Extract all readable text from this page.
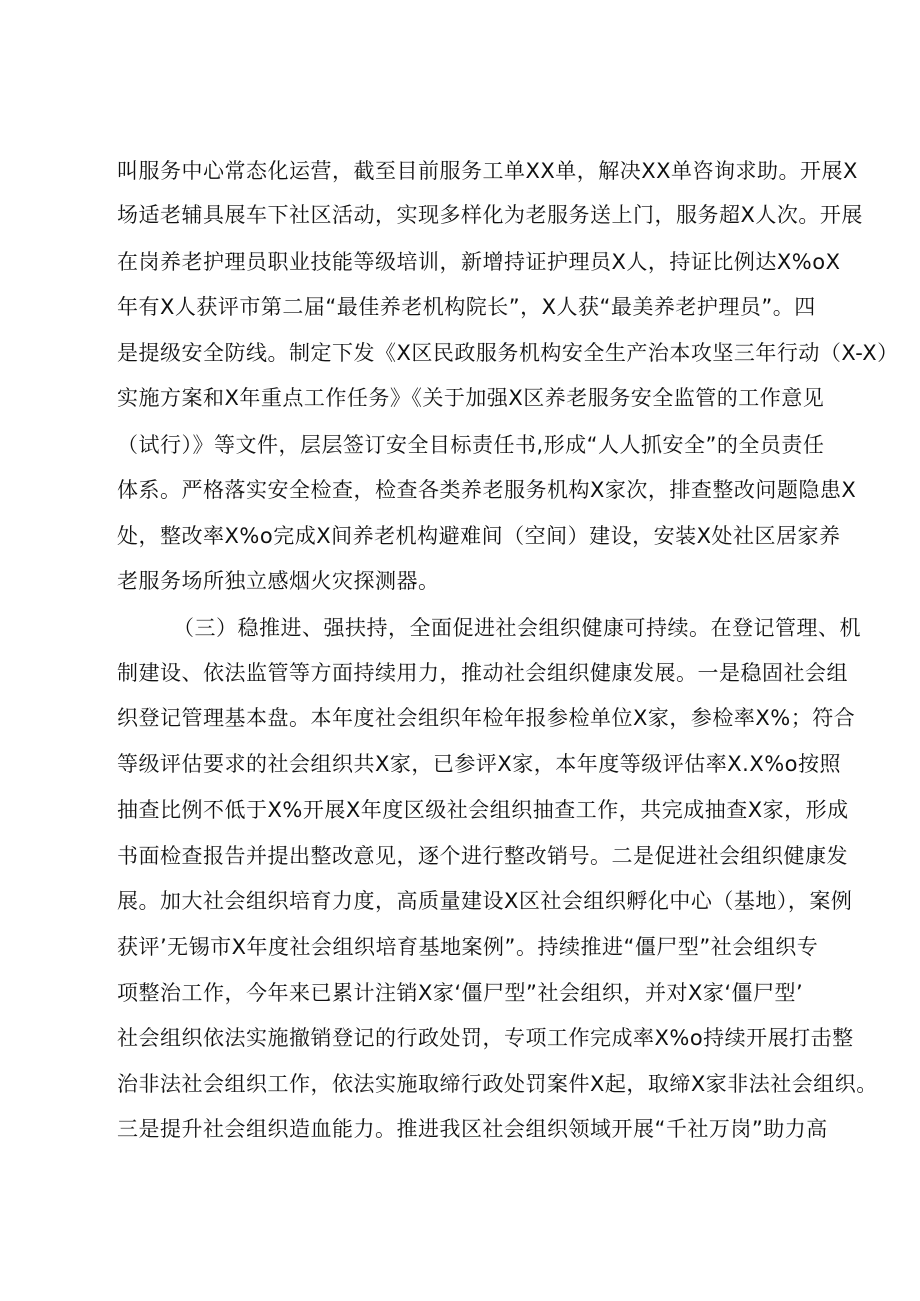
叫服务中心常态化运营，截至目前服务工单XX单，解决XX单咨询求助。开展X
场适老辅具展车下社区活动，实现多样化为老服务送上门，服务超X人次。开展
在岗养老护理员职业技能等级培训，新增持证护理员X人，持证比例达X%oX
年有X人获评市第二届“最佳养老机构院长”，X人获“最美养老护理员”。四
是提级安全防线。制定下发《X区民政服务机构安全生产治本攻坚三年行动（X-X）
实施方案和X年重点工作任务》《关于加强X区养老服务安全监管的工作意见
（试行）》等文件，层层签订安全目标责任书,形成“人人抓安全”的全员责任
体系。严格落实安全检查，检查各类养老服务机构X家次，排查整改问题隐患X
处，整改率X%o完成X间养老机构避难间（空间）建设，安装X处社区居家养
老服务场所独立感烟火灾探测器。
（三）稳推进、强扶持，全面促进社会组织健康可持续。在登记管理、机
制建设、依法监管等方面持续用力，推动社会组织健康发展。一是稳固社会组
织登记管理基本盘。本年度社会组织年检年报参检单位X家，参检率X%；符合
等级评估要求的社会组织共X家，已参评X家，本年度等级评估率X.X%o按照
抽查比例不低于X%开展X年度区级社会组织抽查工作，共完成抽查X家，形成
书面检查报告并提出整改意见，逐个进行整改销号。二是促进社会组织健康发
展。加大社会组织培育力度，高质量建设X区社会组织孵化中心（基地），案例
获评’无锡市X年度社会组织培育基地案例”。持续推进“僵尸型”社会组织专
项整治工作，今年来已累计注销X家‘僵尸型”社会组织，并对X家‘僵尸型’
社会组织依法实施撤销登记的行政处罚，专项工作完成率X%o持续开展打击整
治非法社会组织工作，依法实施取缔行政处罚案件X起，取缔X家非法社会组织。
三是提升社会组织造血能力。推进我区社会组织领域开展“千社万岗”助力高
